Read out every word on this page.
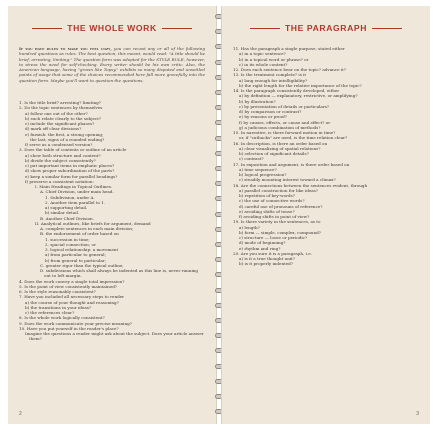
THE WHOLE WORK
If you have rules to make you feel cozy, you can recast any or all of the following hundred questions as rules. The best question, this meant, would read: "A title should be brief, arresting, limiting." The question form was adopted for the STYLE RULE, however, to stress the need for self-checking. Every writer should be his own critic. Also, the American language, having "grown like Topsy," exhibits so many disputed and unsettled points of usage that some of the choices recommended here fall more gracefully into the question form. Maybe you'll want to question the questions.
1. Is the title brief? arresting? limiting?
2. Do the topic sentences by themselves
a) follow one out of the other?
b) each relate clearly to the subject?
c) include the significant phases?
d) mark off clear divisions?
e) furnish: the first, a strong opening;
the last, signs of a rounded ending?
f) serve as a condensed version?
3. Does the table of contents or outline of an article
a) show both structure and content?
b) divide the subject consistently?
c) put important items in emphatic places?
d) show proper subordination of the parts?
e) keep a similar form for parallel headings?
f) preserve a consistent notation:
I. Main Headings in Topical Outlines.
A. Chief Division, under main head.
1. Subdivision, under A.
2. Another item parallel to 1.
a) supporting detail.
b) similar detail.
B. Another Chief Division.
II. Analytical outlines, like briefs for argument, demand
A. complete sentences in each main division;
B. the endorsement of order based on
1. succession in time;
2. spacial connection; or
3. logical relationship: a movement
a) from particular to general;
b) from general to particular;
C. greater rigor than the typical outline;
D. subdivisions which shall always be indented as this line is, never running out to left margin.
4. Does the work convey a single total impression?
5. Is the point of view consistently maintained?
6. Is the style reasonably consistent?
7. Have you included all necessary steps to render
a) the course of your thought and reasoning?
b) the transitions in your ideas?
c) the references clear?
8. Is the whole work logically consistent?
9. Does the work communicate your precise meaning?
10. Have you put yourself in the reader's place?
Imagine the questions a reader might ask about the subject. Does your article answer them?
2
THE PARAGRAPH
11. Has the paragraph a single purpose, stated either
a) in a topic sentence?
b) in a topical word or phrase? or
c) in its whole content?
12. Does each sentence bear on the topic? advance it?
13. Is the treatment complete? is it
a) long enough for intelligibility?
b) the right length for the relative importance of the topic?
14. Is the paragraph consistently developed, either
a) by definition — explanatory, restrictive, or amplifying?
b) by illustration?
c) by presentation of details or particulars?
d) by comparison or contrast?
e) by reasons or proof?
f) by causes, effects, or cause and effect? or
g) a judicious combination of methods?
15. In narrative, is there forward motion in time?
or, if "cutbacks" are used, is the time relation clear?
16. In description, is there an order based on
a) clear visualizing of spatial relations?
b) selection of significant details?
c) contrast?
17. In exposition and argument, is there order based on
a) time sequence?
b) logical progression?
c) steadily mounting interest toward a climax?
18. Are the connections between the sentences evident, through
a) parallel construction for like ideas?
b) repetition of key-words?
c) the use of connective words?
d) careful use of pronouns of reference?
e) avoiding shifts of tense?
f) avoiding shifts in point of view?
19. Is there variety in the sentences, as to
a) length?
b) form — simple, complex, compound?
c) structure — loose or periodic?
d) mode of beginning?
e) rhythm and ring?
20. Are you sure it is a paragraph, i.e.
a) is it a true thought unit?
b) is it properly indented?
3
